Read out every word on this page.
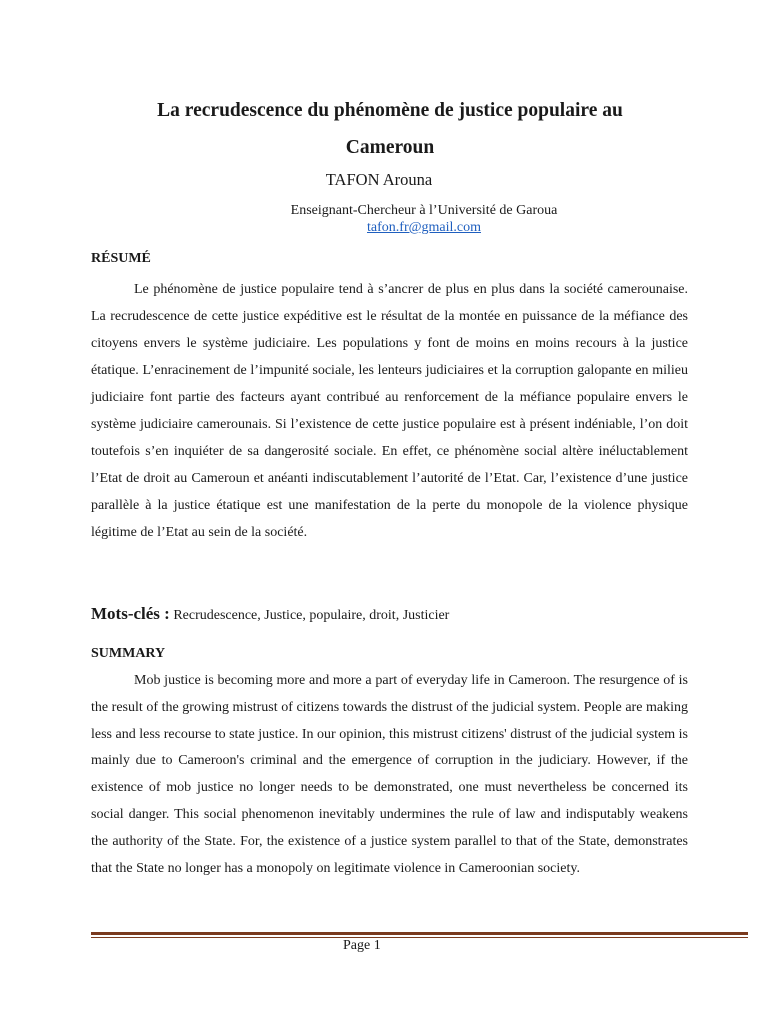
La recrudescence du phénomène de justice populaire au
Cameroun
TAFON Arouna
Enseignant-Chercheur à l’Université de Garoua
tafon.fr@gmail.com
RÉSUMÉ

Le phénomène de justice populaire tend à s’ancrer de plus en plus dans la société camerounaise. La recrudescence de cette justice expéditive est le résultat de la montée en puissance de la méfiance des citoyens envers le système judiciaire. Les populations y font de moins en moins recours à la justice étatique. L’enracinement de l’impunité sociale, les lenteurs judiciaires et la corruption galopante en milieu judiciaire font partie des facteurs ayant contribué au renforcement de la méfiance populaire envers le système judiciaire camerounais. Si l’existence de cette justice populaire est à présent indéniable, l’on doit toutefois s’en inquiéter de sa dangerosité sociale. En effet, ce phénomène social altère inéluctablement l’Etat de droit au Cameroun et anéanti indiscutablement l’autorité de l’Etat. Car, l’existence d’une justice parallèle à la justice étatique est une manifestation de la perte du monopole de la violence physique légitime de l’Etat au sein de la société.

Mots-clés : Recrudescence, Justice, populaire, droit, Justicier
SUMMARY

Mob justice is becoming more and more a part of everyday life in Cameroon. The resurgence of is the result of the growing mistrust of citizens towards the distrust of the judicial system. People are making less and less recourse to state justice. In our opinion, this mistrust citizens' distrust of the judicial system is mainly due to Cameroon's criminal and the emergence of corruption in the judiciary. However, if the existence of mob justice no longer needs to be demonstrated, one must nevertheless be concerned its social danger. This social phenomenon inevitably undermines the rule of law and indisputably weakens the authority of the State. For, the existence of a justice system parallel to that of the State, demonstrates that the State no longer has a monopoly on legitimate violence in Cameroonian society.

Page 1
